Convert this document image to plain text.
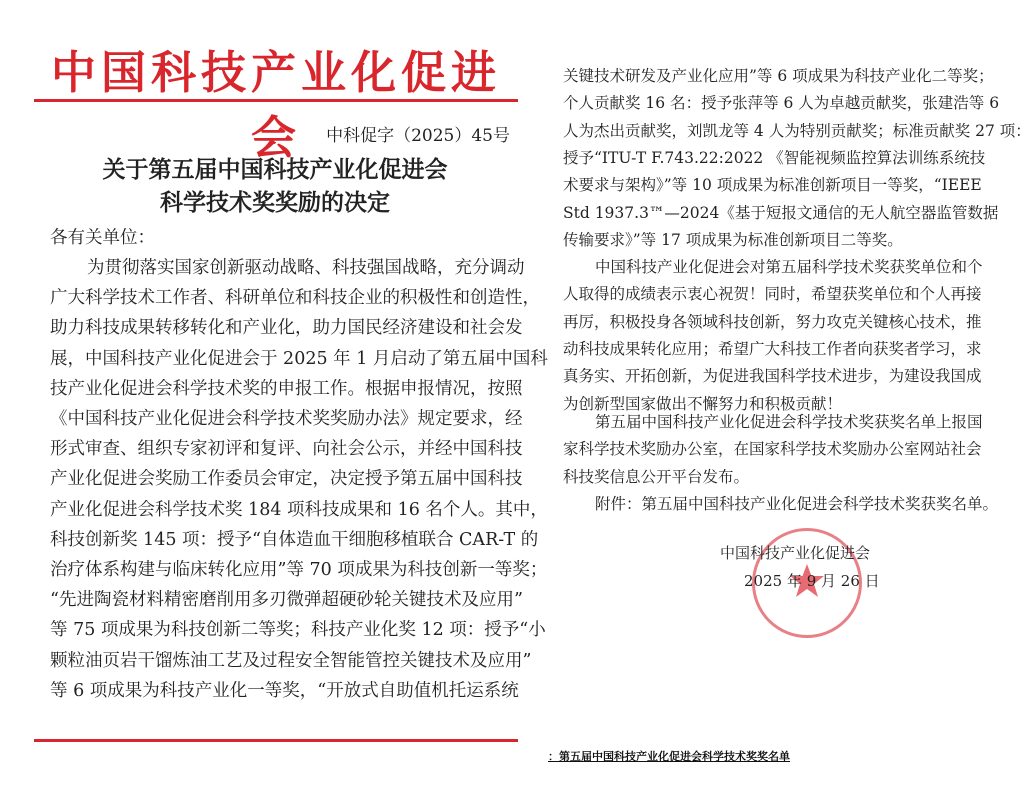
中国科技产业化促进会	中科促字（2025）45号
关于第五届中国科技产业化促进会
科学技术奖奖励的决定
各有关单位：
为贯彻落实国家创新驱动战略、科技强国战略，充分调动
广大科学技术工作者、科研单位和科技企业的积极性和创造性，
助力科技成果转移转化和产业化，助力国民经济建设和社会发
展，中国科技产业化促进会于 2025 年 1 月启动了第五届中国科
技产业化促进会科学技术奖的申报工作。根据申报情况，按照
《中国科技产业化促进会科学技术奖奖励办法》规定要求，经
形式审查、组织专家初评和复评、向社会公示，并经中国科技
产业化促进会奖励工作委员会审定，决定授予第五届中国科技
产业化促进会科学技术奖 184 项科技成果和 16 名个人。其中，
科技创新奖 145 项：授予“自体造血干细胞移植联合 CAR-T 的
治疗体系构建与临床转化应用”等 70 项成果为科技创新一等奖；
“先进陶瓷材料精密磨削用多刃微弹超硬砂轮关键技术及应用”
等 75 项成果为科技创新二等奖；科技产业化奖 12 项：授予“小
颗粒油页岩干馏炼油工艺及过程安全智能管控关键技术及应用”
等 6 项成果为科技产业化一等奖，“开放式自助值机托运系统
关键技术研发及产业化应用”等 6 项成果为科技产业化二等奖；
个人贡献奖 16 名：授予张萍等 6 人为卓越贡献奖，张建浩等 6
人为杰出贡献奖，刘凯龙等 4 人为特别贡献奖；标准贡献奖 27 项：
授予“ITU-T F.743.22:2022 《智能视频监控算法训练系统技
术要求与架构》”等 10 项成果为标准创新项目一等奖，“IEEE
Std 1937.3™—2024《基于短报文通信的无人航空器监管数据
传输要求》”等 17 项成果为标准创新项目二等奖。
中国科技产业化促进会对第五届科学技术奖获奖单位和个
人取得的成绩表示衷心祝贺！同时，希望获奖单位和个人再接
再厉，积极投身各领域科技创新，努力攻克关键核心技术，推
动科技成果转化应用；希望广大科技工作者向获奖者学习，求
真务实、开拓创新，为促进我国科学技术进步，为建设我国成
为创新型国家做出不懈努力和积极贡献！
第五届中国科技产业化促进会科学技术奖获奖名单上报国
家科学技术奖励办公室，在国家科学技术奖励办公室网站社会
科技奖信息公开平台发布。
附件：第五届中国科技产业化促进会科学技术奖获奖名单。
中国科技产业化促进会
2025 年 9 月 26 日
：第五届中国科技产业化促进会科学技术奖奖名单
